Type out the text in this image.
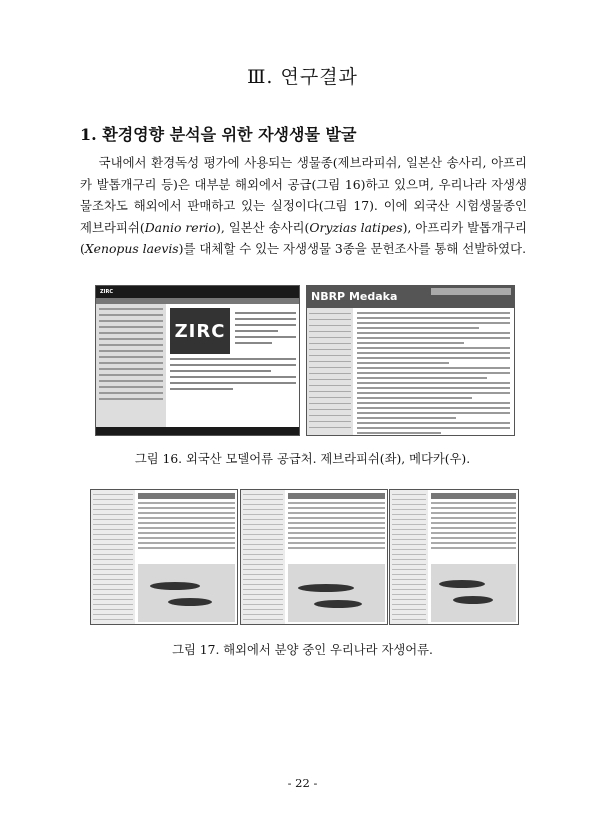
Ⅲ. 연구결과
1. 환경영향 분석을 위한 자생생물 발굴

국내에서 환경독성 평가에 사용되는 생물종(제브라피쉬, 일본산 송사리, 아프리카 발톱개구리 등)은 대부분 해외에서 공급(그림 16)하고 있으며, 우리나라 자생생물조차도 해외에서 판매하고 있는 실정이다(그림 17). 이에 외국산 시험생물종인 제브라피쉬(Danio rerio), 일본산 송사리(Oryzias latipes), 아프리카 발톱개구리(Xenopus laevis)를 대체할 수 있는 자생생물 3종을 문헌조사를 통해 선발하였다.

ZIRC
ZIRC
NBRP Medaka
그림 16. 외국산 모델어류 공급처. 제브라피쉬(좌), 메다카(우).
그림 17. 해외에서 분양 중인 우리나라 자생어류.
- 22 -
